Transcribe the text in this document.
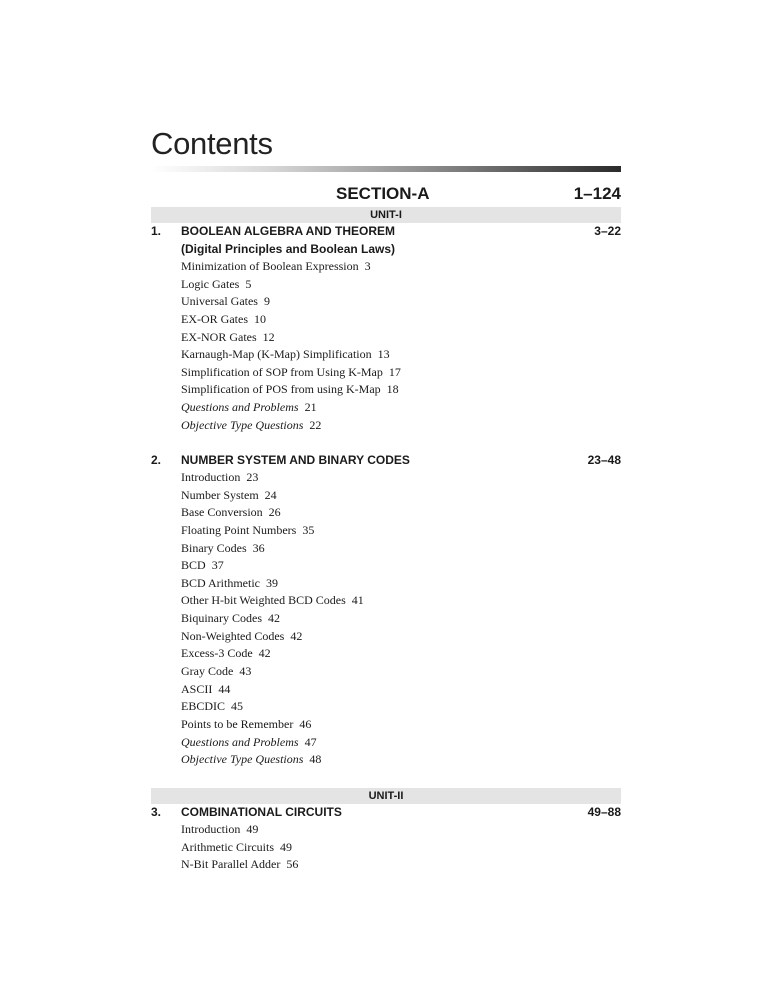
Contents
SECTION-A	1–124
UNIT-I
1. BOOLEAN ALGEBRA AND THEOREM	3–22
(Digital Principles and Boolean Laws)
Minimization of Boolean Expression 3
Logic Gates 5
Universal Gates 9
EX-OR Gates 10
EX-NOR Gates 12
Karnaugh-Map (K-Map) Simplification 13
Simplification of SOP from Using K-Map 17
Simplification of POS from using K-Map 18
Questions and Problems 21
Objective Type Questions 22
2. NUMBER SYSTEM AND BINARY CODES	23–48
Introduction 23
Number System 24
Base Conversion 26
Floating Point Numbers 35
Binary Codes 36
BCD 37
BCD Arithmetic 39
Other H-bit Weighted BCD Codes 41
Biquinary Codes 42
Non-Weighted Codes 42
Excess-3 Code 42
Gray Code 43
ASCII 44
EBCDIC 45
Points to be Remember 46
Questions and Problems 47
Objective Type Questions 48
UNIT-II
3. COMBINATIONAL CIRCUITS	49–88
Introduction 49
Arithmetic Circuits 49
N-Bit Parallel Adder 56
